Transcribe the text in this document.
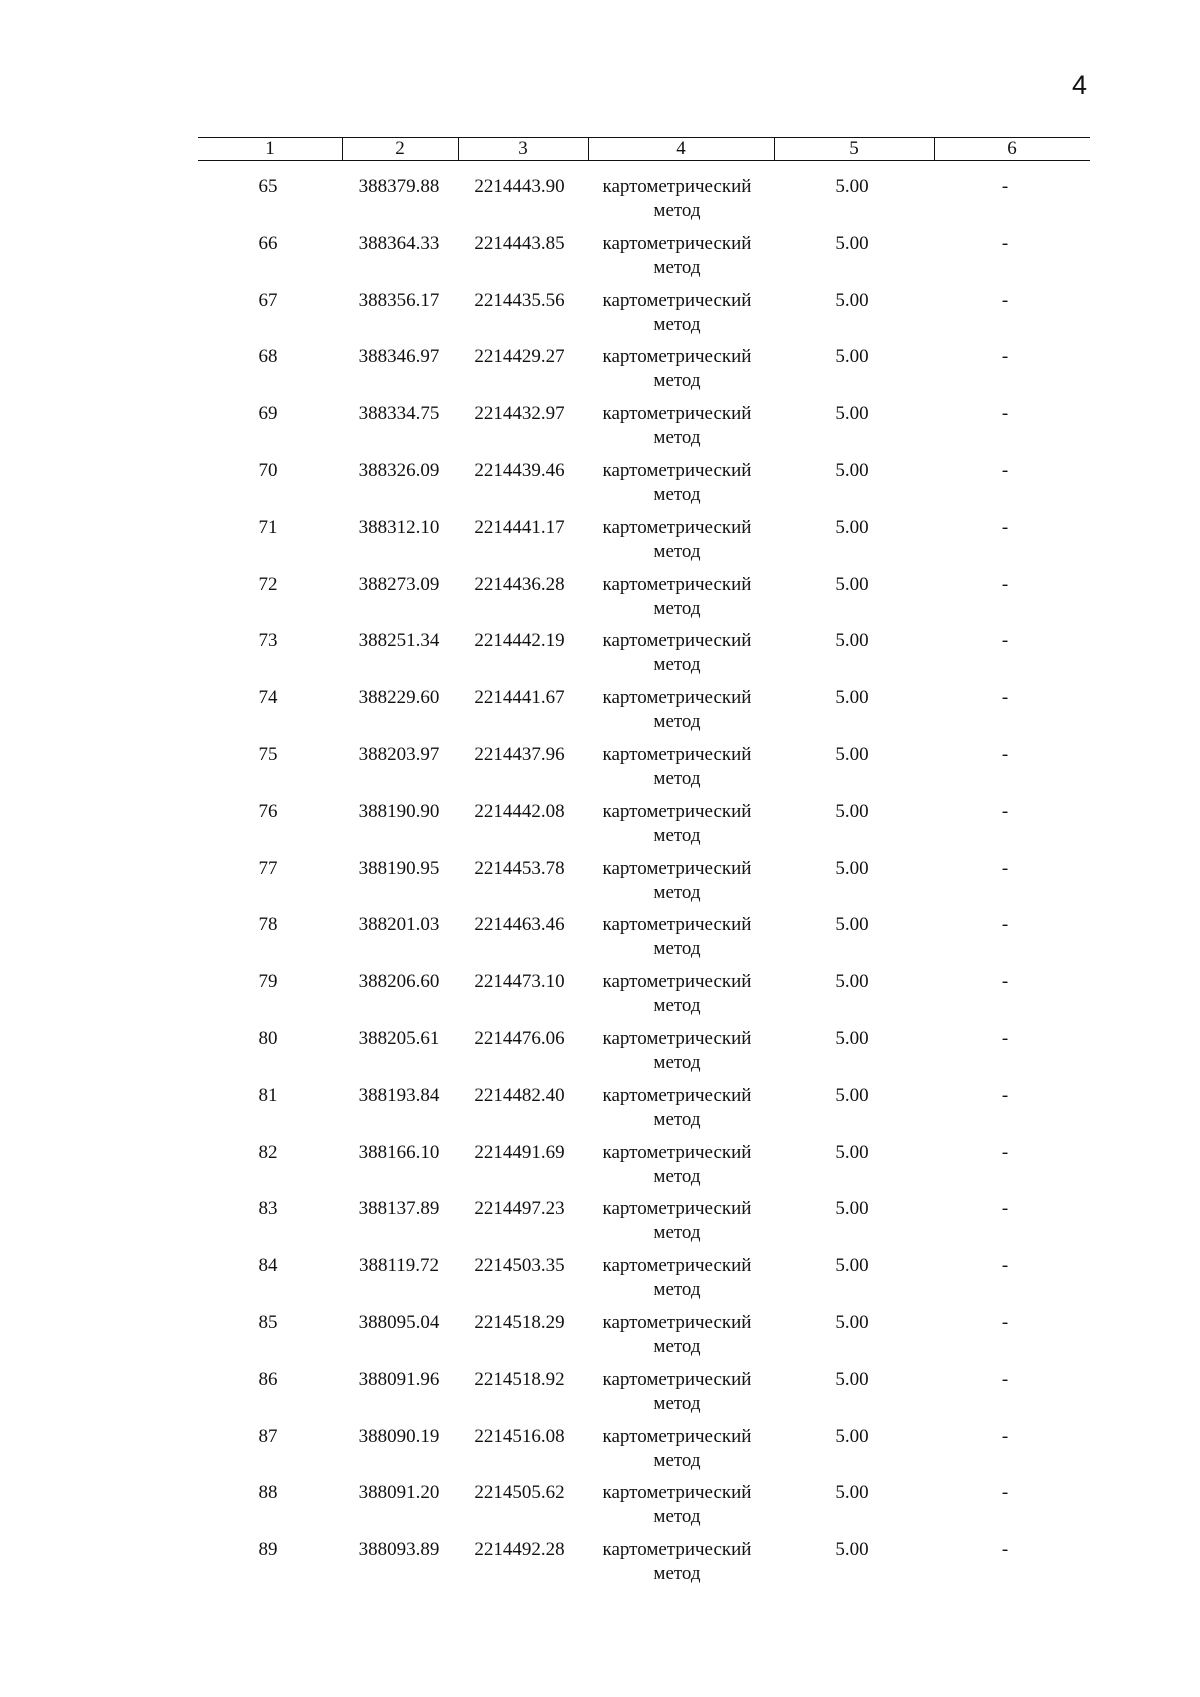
4
1	2	3	4	5	6
65	388379.88	2214443.90	картометрический	5.00	-
метод
66	388364.33	2214443.85	картометрический	5.00	-
метод
67	388356.17	2214435.56	картометрический	5.00	-
метод
68	388346.97	2214429.27	картометрический	5.00	-
метод
69	388334.75	2214432.97	картометрический	5.00	-
метод
70	388326.09	2214439.46	картометрический	5.00	-
метод
71	388312.10	2214441.17	картометрический	5.00	-
метод
72	388273.09	2214436.28	картометрический	5.00	-
метод
73	388251.34	2214442.19	картометрический	5.00	-
метод
74	388229.60	2214441.67	картометрический	5.00	-
метод
75	388203.97	2214437.96	картометрический	5.00	-
метод
76	388190.90	2214442.08	картометрический	5.00	-
метод
77	388190.95	2214453.78	картометрический	5.00	-
метод
78	388201.03	2214463.46	картометрический	5.00	-
метод
79	388206.60	2214473.10	картометрический	5.00	-
метод
80	388205.61	2214476.06	картометрический	5.00	-
метод
81	388193.84	2214482.40	картометрический	5.00	-
метод
82	388166.10	2214491.69	картометрический	5.00	-
метод
83	388137.89	2214497.23	картометрический	5.00	-
метод
84	388119.72	2214503.35	картометрический	5.00	-
метод
85	388095.04	2214518.29	картометрический	5.00	-
метод
86	388091.96	2214518.92	картометрический	5.00	-
метод
87	388090.19	2214516.08	картометрический	5.00	-
метод
88	388091.20	2214505.62	картометрический	5.00	-
метод
89	388093.89	2214492.28	картометрический	5.00	-
метод
